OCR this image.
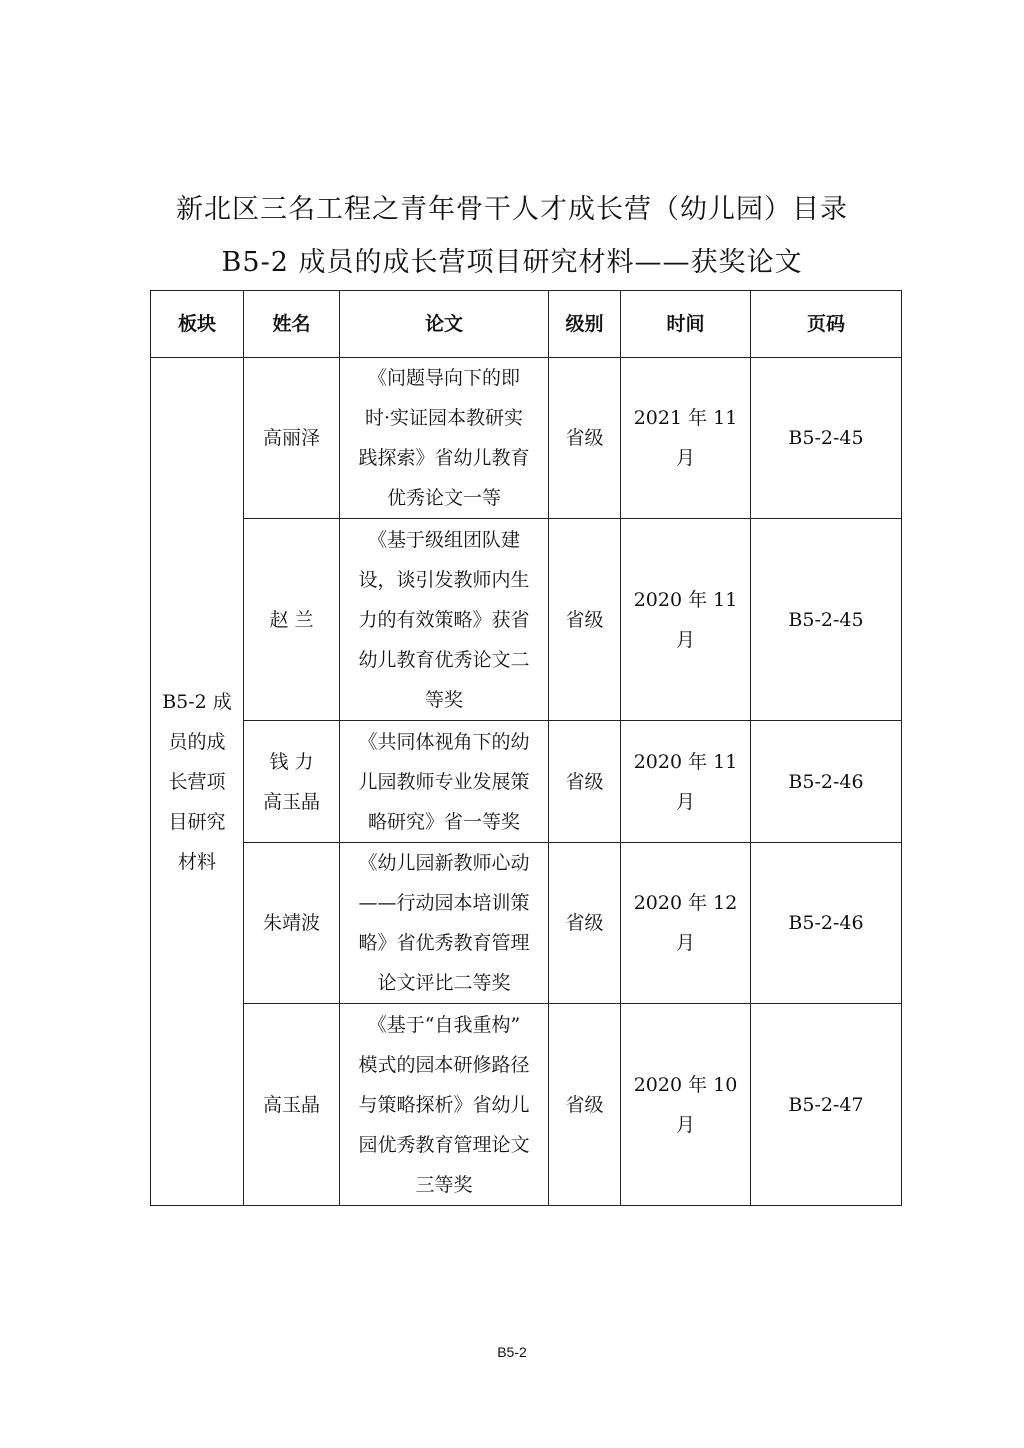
新北区三名工程之青年骨干人才成长营（幼儿园）目录
B5-2 成员的成长营项目研究材料——获奖论文
板块	姓名	论文	级别	时间	页码
B5-2 成
员的成
长营项
目研究
材料	高丽泽	《问题导向下的即
时·实证园本教研实
践探索》省幼儿教育
优秀论文一等	省级	2021 年 11 月	B5-2-45
	赵 兰	《基于级组团队建
设，谈引发教师内生
力的有效策略》获省
幼儿教育优秀论文二
等奖	省级	2020 年 11 月	B5-2-45
	钱 力
高玉晶	《共同体视角下的幼
儿园教师专业发展策
略研究》省一等奖	省级	2020 年 11 月	B5-2-46
	朱靖波	《幼儿园新教师心动
——行动园本培训策
略》省优秀教育管理
论文评比二等奖	省级	2020 年 12 月	B5-2-46
	高玉晶	《基于“自我重构”
模式的园本研修路径
与策略探析》省幼儿
园优秀教育管理论文
三等奖	省级	2020 年 10 月	B5-2-47
B5-2
